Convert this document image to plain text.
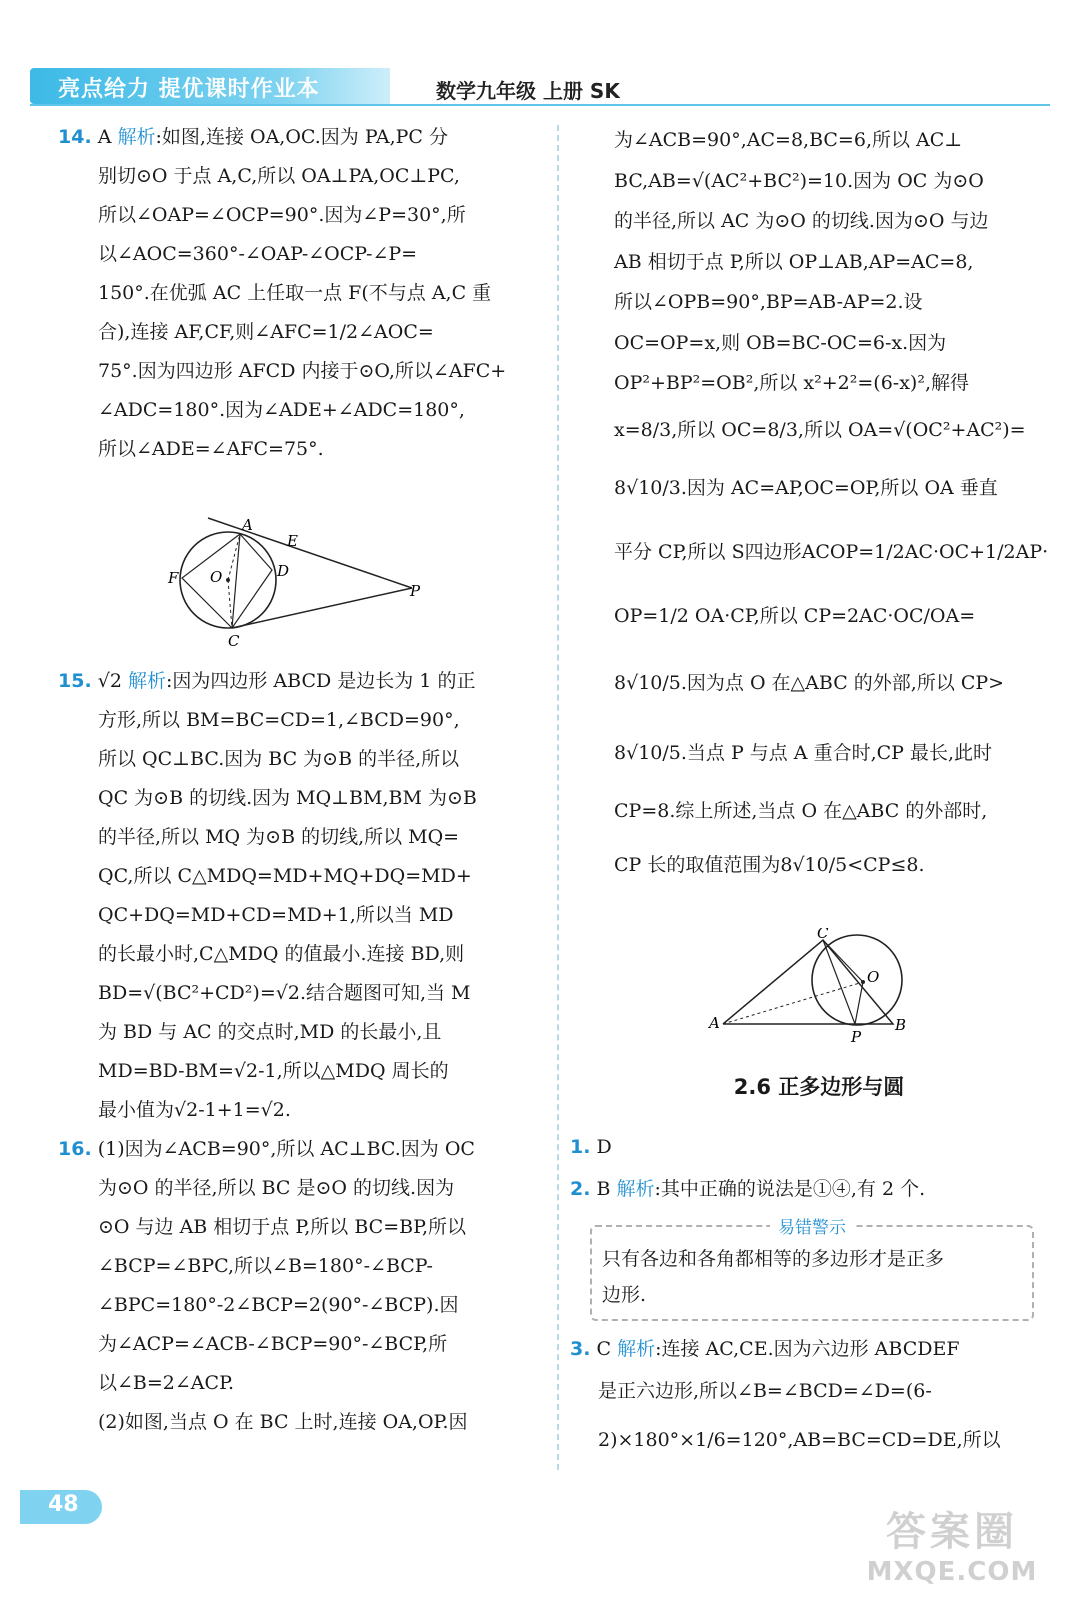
亮点给力 提优课时作业本	数学九年级 上册 SK

14. A 解析:如图,连接 OA,OC.因为 PA,PC 分

别切⊙O 于点 A,C,所以 OA⊥PA,OC⊥PC,

所以∠OAP=∠OCP=90°.因为∠P=30°,所

以∠AOC=360°-∠OAP-∠OCP-∠P=

150°.在优弧 AC 上任取一点 F(不与点 A,C 重

合),连接 AF,CF,则∠AFC=1/2∠AOC=

75°.因为四边形 AFCD 内接于⊙O,所以∠AFC+

∠ADC=180°.因为∠ADE+∠ADC=180°,

所以∠ADE=∠AFC=75°.

A
E
F O	D
P
C

15. √2 解析:因为四边形 ABCD 是边长为 1 的正

方形,所以 BM=BC=CD=1,∠BCD=90°,

所以 QC⊥BC.因为 BC 为⊙B 的半径,所以

QC 为⊙B 的切线.因为 MQ⊥BM,BM 为⊙B

的半径,所以 MQ 为⊙B 的切线,所以 MQ=

QC,所以 C△MDQ=MD+MQ+DQ=MD+

QC+DQ=MD+CD=MD+1,所以当 MD

的长最小时,C△MDQ 的值最小.连接 BD,则

BD=√(BC²+CD²)=√2.结合题图可知,当 M

为 BD 与 AC 的交点时,MD 的长最小,且

MD=BD-BM=√2-1,所以△MDQ 周长的

最小值为√2-1+1=√2.

16. (1)因为∠ACB=90°,所以 AC⊥BC.因为 OC

为⊙O 的半径,所以 BC 是⊙O 的切线.因为

⊙O 与边 AB 相切于点 P,所以 BC=BP,所以

∠BCP=∠BPC,所以∠B=180°-∠BCP-

∠BPC=180°-2∠BCP=2(90°-∠BCP).因

为∠ACP=∠ACB-∠BCP=90°-∠BCP,所

以∠B=2∠ACP.

(2)如图,当点 O 在 BC 上时,连接 OA,OP.因

为∠ACB=90°,AC=8,BC=6,所以 AC⊥

BC,AB=√(AC²+BC²)=10.因为 OC 为⊙O

的半径,所以 AC 为⊙O 的切线.因为⊙O 与边

AB 相切于点 P,所以 OP⊥AB,AP=AC=8,

所以∠OPB=90°,BP=AB-AP=2.设

OC=OP=x,则 OB=BC-OC=6-x.因为

OP²+BP²=OB²,所以 x²+2²=(6-x)²,解得

x=8/3,所以 OC=8/3,所以 OA=√(OC²+AC²)=

8√10/3.因为 AC=AP,OC=OP,所以 OA 垂直

平分 CP,所以 S四边形ACOP=1/2AC·OC+1/2AP·

OP=1/2 OA·CP,所以 CP=2AC·OC/OA=

8√10/5.因为点 O 在△ABC 的外部,所以 CP>

8√10/5.当点 P 与点 A 重合时,CP 最长,此时

CP=8.综上所述,当点 O 在△ABC 的外部时,

CP 长的取值范围为8√10/5<CP≤8.

C
O
A	B
P
2.6 正多边形与圆

1. D

2. B 解析:其中正确的说法是①④,有 2 个.

易错警示
只有各边和各角都相等的多边形才是正多
边形.

3. C 解析:连接 AC,CE.因为六边形 ABCDEF

是正六边形,所以∠B=∠BCD=∠D=(6-

2)×180°×1/6=120°,AB=BC=CD=DE,所以

48
答案圈
MXQE.COM
